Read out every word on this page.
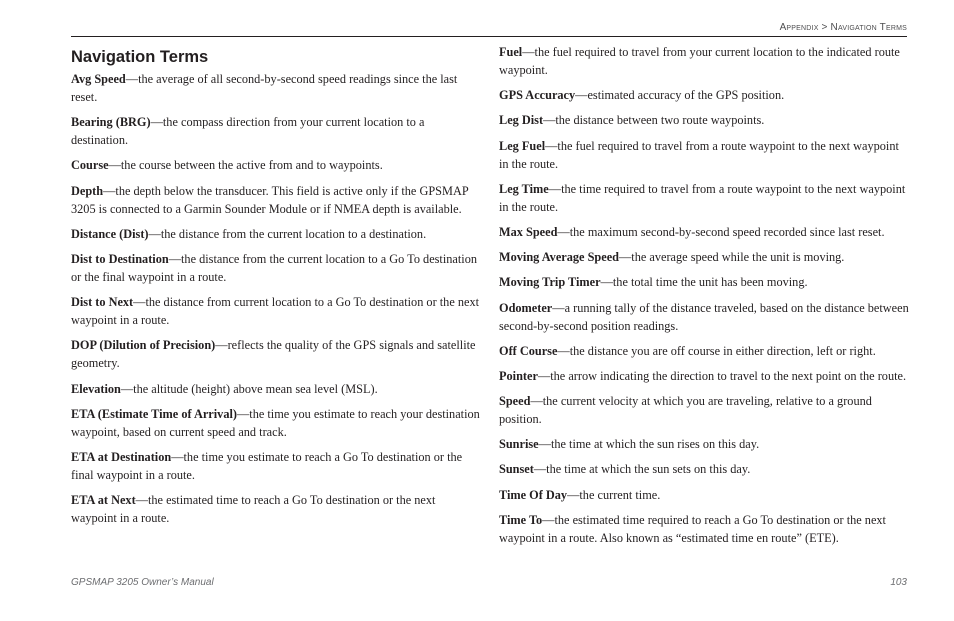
Appendix > Navigation Terms
Navigation Terms

Avg Speed—the average of all second-by-second speed readings since the last reset.

Bearing (BRG)—the compass direction from your current location to a destination.

Course—the course between the active from and to waypoints.

Depth—the depth below the transducer. This field is active only if the GPSMAP 3205 is connected to a Garmin Sounder Module or if NMEA depth is available.

Distance (Dist)—the distance from the current location to a destination.

Dist to Destination—the distance from the current location to a Go To destination or the final waypoint in a route.

Dist to Next—the distance from current location to a Go To destination or the next waypoint in a route.

DOP (Dilution of Precision)—reflects the quality of the GPS signals and satellite geometry.

Elevation—the altitude (height) above mean sea level (MSL).

ETA (Estimate Time of Arrival)—the time you estimate to reach your destination waypoint, based on current speed and track.

ETA at Destination—the time you estimate to reach a Go To destination or the final waypoint in a route.

ETA at Next—the estimated time to reach a Go To destination or the next waypoint in a route.

Fuel—the fuel required to travel from your current location to the indicated route waypoint.

GPS Accuracy—estimated accuracy of the GPS position.

Leg Dist—the distance between two route waypoints.

Leg Fuel—the fuel required to travel from a route waypoint to the next waypoint in the route.

Leg Time—the time required to travel from a route waypoint to the next waypoint in the route.

Max Speed—the maximum second-by-second speed recorded since last reset.

Moving Average Speed—the average speed while the unit is moving.

Moving Trip Timer—the total time the unit has been moving.

Odometer—a running tally of the distance traveled, based on the distance between second-by-second position readings.

Off Course—the distance you are off course in either direction, left or right.

Pointer—the arrow indicating the direction to travel to the next point on the route.

Speed—the current velocity at which you are traveling, relative to a ground position.

Sunrise—the time at which the sun rises on this day.

Sunset—the time at which the sun sets on this day.

Time Of Day—the current time.

Time To—the estimated time required to reach a Go To destination or the next waypoint in a route. Also known as “estimated time en route” (ETE).

GPSMAP 3205 Owner’s Manual	103
